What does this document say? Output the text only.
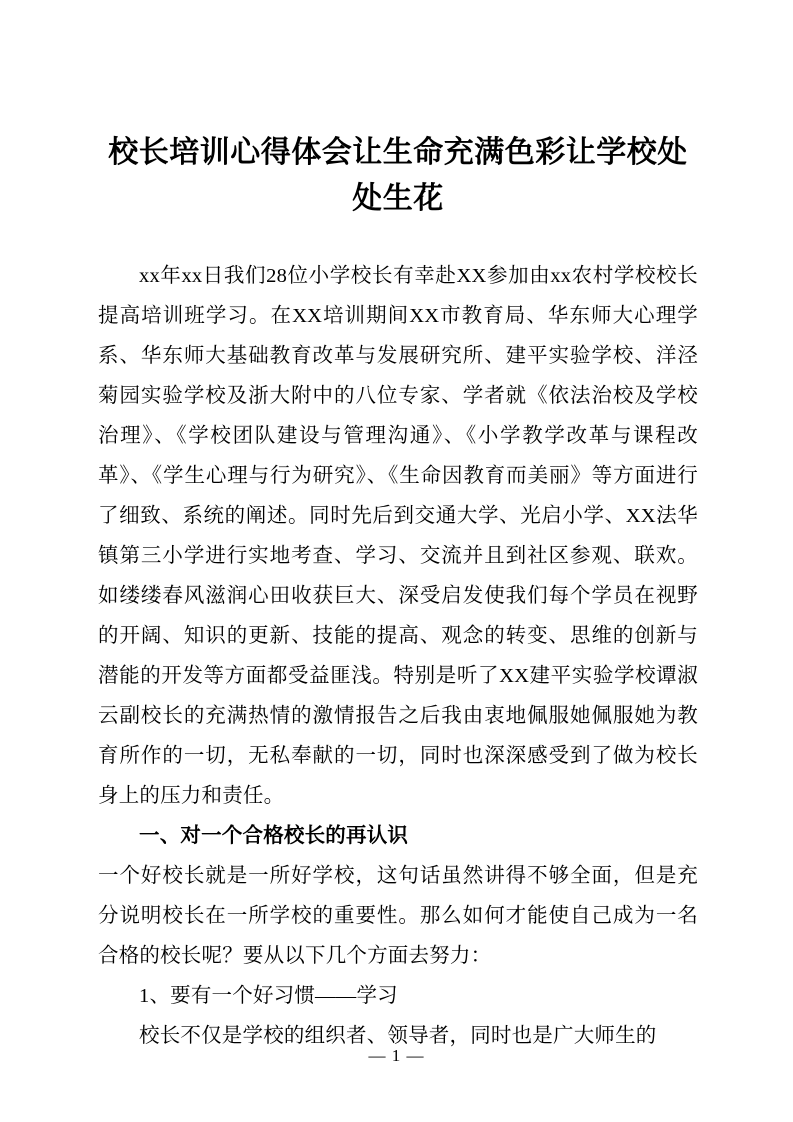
校长培训心得体会让生命充满色彩让学校处处生花

xx年xx日我们28位小学校长有幸赴XX参加由xx农村学校校长提高培训班学习。在XX培训期间XX市教育局、华东师大心理学系、华东师大基础教育改革与发展研究所、建平实验学校、洋泾菊园实验学校及浙大附中的八位专家、学者就《依法治校及学校治理》、《学校团队建设与管理沟通》、《小学教学改革与课程改革》、《学生心理与行为研究》、《生命因教育而美丽》等方面进行了细致、系统的阐述。同时先后到交通大学、光启小学、XX法华镇第三小学进行实地考查、学习、交流并且到社区参观、联欢。如缕缕春风滋润心田收获巨大、深受启发使我们每个学员在视野的开阔、知识的更新、技能的提高、观念的转变、思维的创新与潜能的开发等方面都受益匪浅。特别是听了XX建平实验学校谭淑云副校长的充满热情的激情报告之后我由衷地佩服她佩服她为教育所作的一切，无私奉献的一切，同时也深深感受到了做为校长身上的压力和责任。

一、对一个合格校长的再认识

一个好校长就是一所好学校，这句话虽然讲得不够全面，但是充分说明校长在一所学校的重要性。那么如何才能使自己成为一名合格的校长呢？要从以下几个方面去努力：

1、要有一个好习惯——学习

校长不仅是学校的组织者、领导者，同时也是广大师生的

— 1 —
